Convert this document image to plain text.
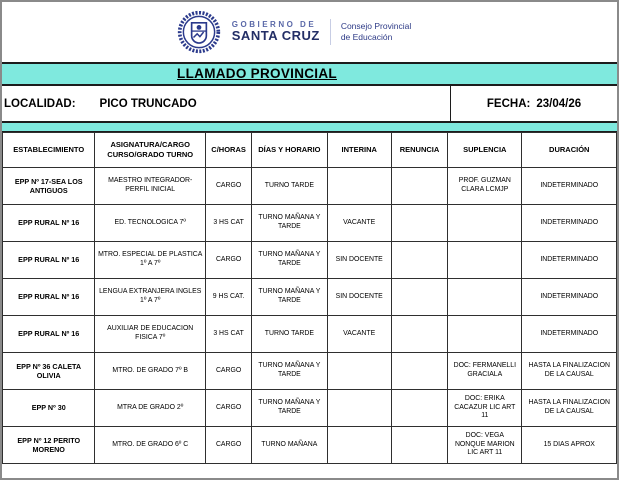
GOBIERNO DE
SANTA CRUZ
Consejo Provincial
de Educación
LLAMADO PROVINCIAL
LOCALIDAD: PICO TRUNCADO	FECHA: 23/04/26
ESTABLECIMIENTO	ASIGNATURA/CARGO CURSO/GRADO TURNO	C/HORAS	DÍAS Y HORARIO	INTERINA	RENUNCIA	SUPLENCIA	DURACIÓN
EPP Nº 17-SEA LOS ANTIGUOS	MAESTRO INTEGRADOR-PERFIL INICIAL	CARGO	TURNO TARDE			PROF. GUZMAN CLARA LCMJP	INDETERMINADO
EPP RURAL Nº 16	ED. TECNOLOGICA 7º	3 HS CAT	TURNO MAÑANA Y TARDE	VACANTE			INDETERMINADO
EPP RURAL Nº 16	MTRO. ESPECIAL DE PLASTICA 1º A 7º	CARGO	TURNO MAÑANA Y TARDE	SIN DOCENTE			INDETERMINADO
EPP RURAL Nº 16	LENGUA EXTRANJERA INGLES 1º A 7º	9 HS CAT.	TURNO MAÑANA Y TARDE	SIN DOCENTE			INDETERMINADO
EPP RURAL Nº 16	AUXILIAR DE EDUCACION FISICA 7º	3 HS CAT	TURNO TARDE	VACANTE			INDETERMINADO
EPP Nº 36 CALETA OLIVIA	MTRO. DE GRADO 7º B	CARGO	TURNO MAÑANA Y TARDE			DOC: FERMANELLI GRACIALA	HASTA LA FINALIZACION DE LA CAUSAL
EPP Nº 30	MTRA DE GRADO 2º	CARGO	TURNO MAÑANA Y TARDE			DOC: ERIKA CACAZUR LIC ART 11	HASTA LA FINALIZACION DE LA CAUSAL
EPP Nº 12 PERITO MORENO	MTRO. DE GRADO 6º C	CARGO	TURNO MAÑANA			DOC: VEGA NONQUE MARION LIC ART 11	15 DIAS APROX
